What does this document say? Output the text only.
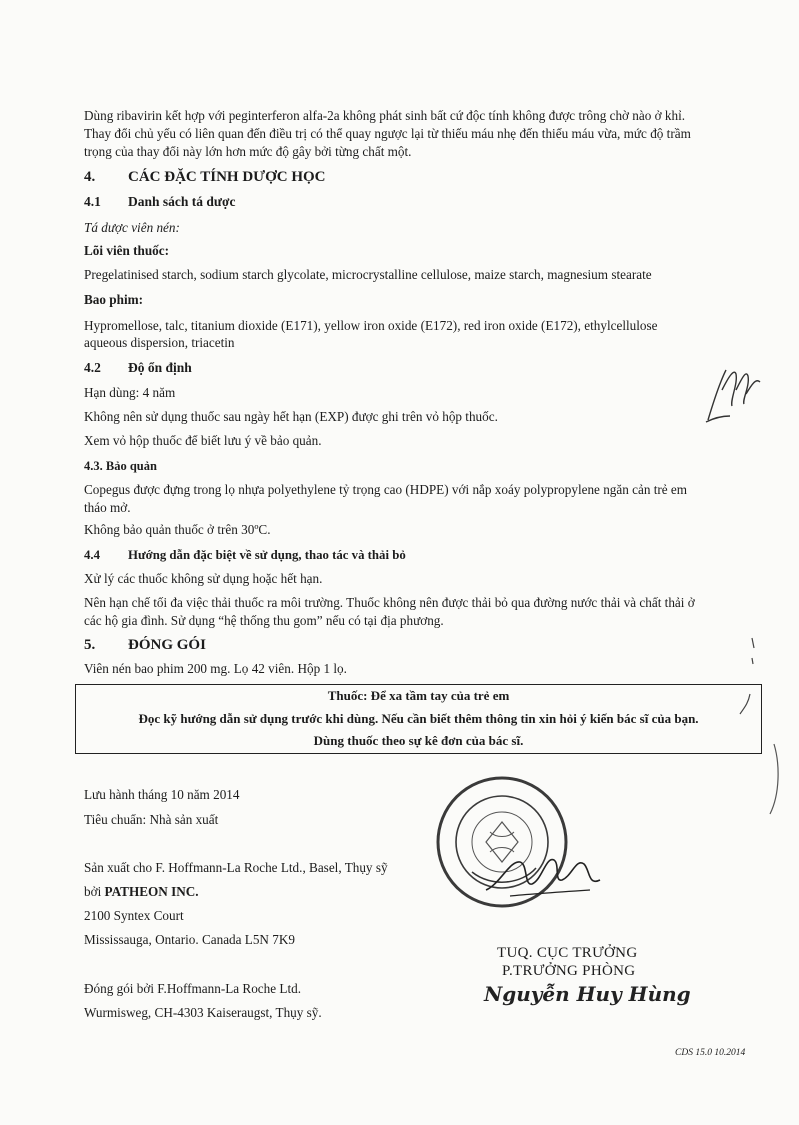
Dùng ribavirin kết hợp với peginterferon alfa-2a không phát sinh bất cứ độc tính không được trông chờ nào ở khỉ.
Thay đổi chủ yếu có liên quan đến điều trị có thể quay ngược lại từ thiếu máu nhẹ đến thiếu máu vừa, mức độ trầm
trọng của thay đổi này lớn hơn mức độ gây bởi từng chất một.
4. CÁC ĐẶC TÍNH DƯỢC HỌC
4.1 Danh sách tá dược
Tá dược viên nén:
Lõi viên thuốc:
Pregelatinised starch, sodium starch glycolate, microcrystalline cellulose, maize starch, magnesium stearate
Bao phim:
Hypromellose, talc, titanium dioxide (E171), yellow iron oxide (E172), red iron oxide (E172), ethylcellulose
aqueous dispersion, triacetin
4.2 Độ ổn định
Hạn dùng: 4 năm
Không nên sử dụng thuốc sau ngày hết hạn (EXP) được ghi trên vỏ hộp thuốc.
Xem vỏ hộp thuốc để biết lưu ý về bảo quản.
4.3. Bảo quản
Copegus được đựng trong lọ nhựa polyethylene tỷ trọng cao (HDPE) với nắp xoáy polypropylene ngăn cản trẻ em
tháo mở.
Không bảo quản thuốc ở trên 30ºC.
4.4 Hướng dẫn đặc biệt về sử dụng, thao tác và thải bỏ
Xử lý các thuốc không sử dụng hoặc hết hạn.
Nên hạn chế tối đa việc thải thuốc ra môi trường. Thuốc không nên được thải bỏ qua đường nước thải và chất thải ở
các hộ gia đình. Sử dụng “hệ thống thu gom” nếu có tại địa phương.
5. ĐÓNG GÓI
Viên nén bao phim 200 mg. Lọ 42 viên. Hộp 1 lọ.
Thuốc: Để xa tầm tay của trẻ em
Đọc kỹ hướng dẫn sử dụng trước khi dùng. Nếu cần biết thêm thông tin xin hỏi ý kiến bác sĩ của bạn.
Dùng thuốc theo sự kê đơn của bác sĩ.
Lưu hành tháng 10 năm 2014
Tiêu chuẩn: Nhà sản xuất
Sản xuất cho F. Hoffmann-La Roche Ltd., Basel, Thụy sỹ
bởi PATHEON INC.
2100 Syntex Court
Mississauga, Ontario. Canada L5N 7K9
Đóng gói bởi F.Hoffmann-La Roche Ltd.
Wurmisweg, CH-4303 Kaiseraugst, Thụy sỹ.
TUQ. CỤC TRƯỞNG
P.TRƯỞNG PHÒNG
Nguyễn Huy Hùng
CDS 15.0 10.2014
